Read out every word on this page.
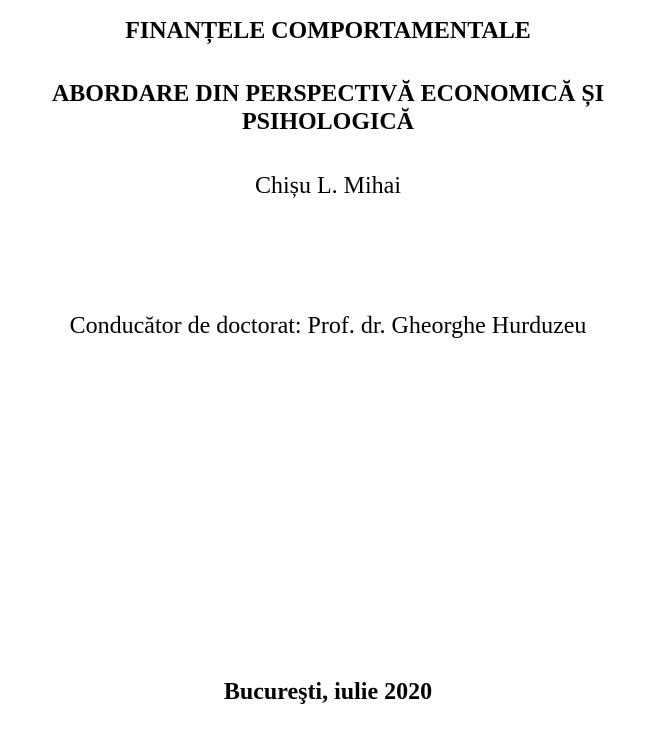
FINANȚELE COMPORTAMENTALE
ABORDARE DIN PERSPECTIVĂ ECONOMICĂ ȘI PSIHOLOGICĂ
Chișu L. Mihai
Conducător de doctorat: Prof. dr. Gheorghe Hurduzeu
Bucureşti, iulie 2020
